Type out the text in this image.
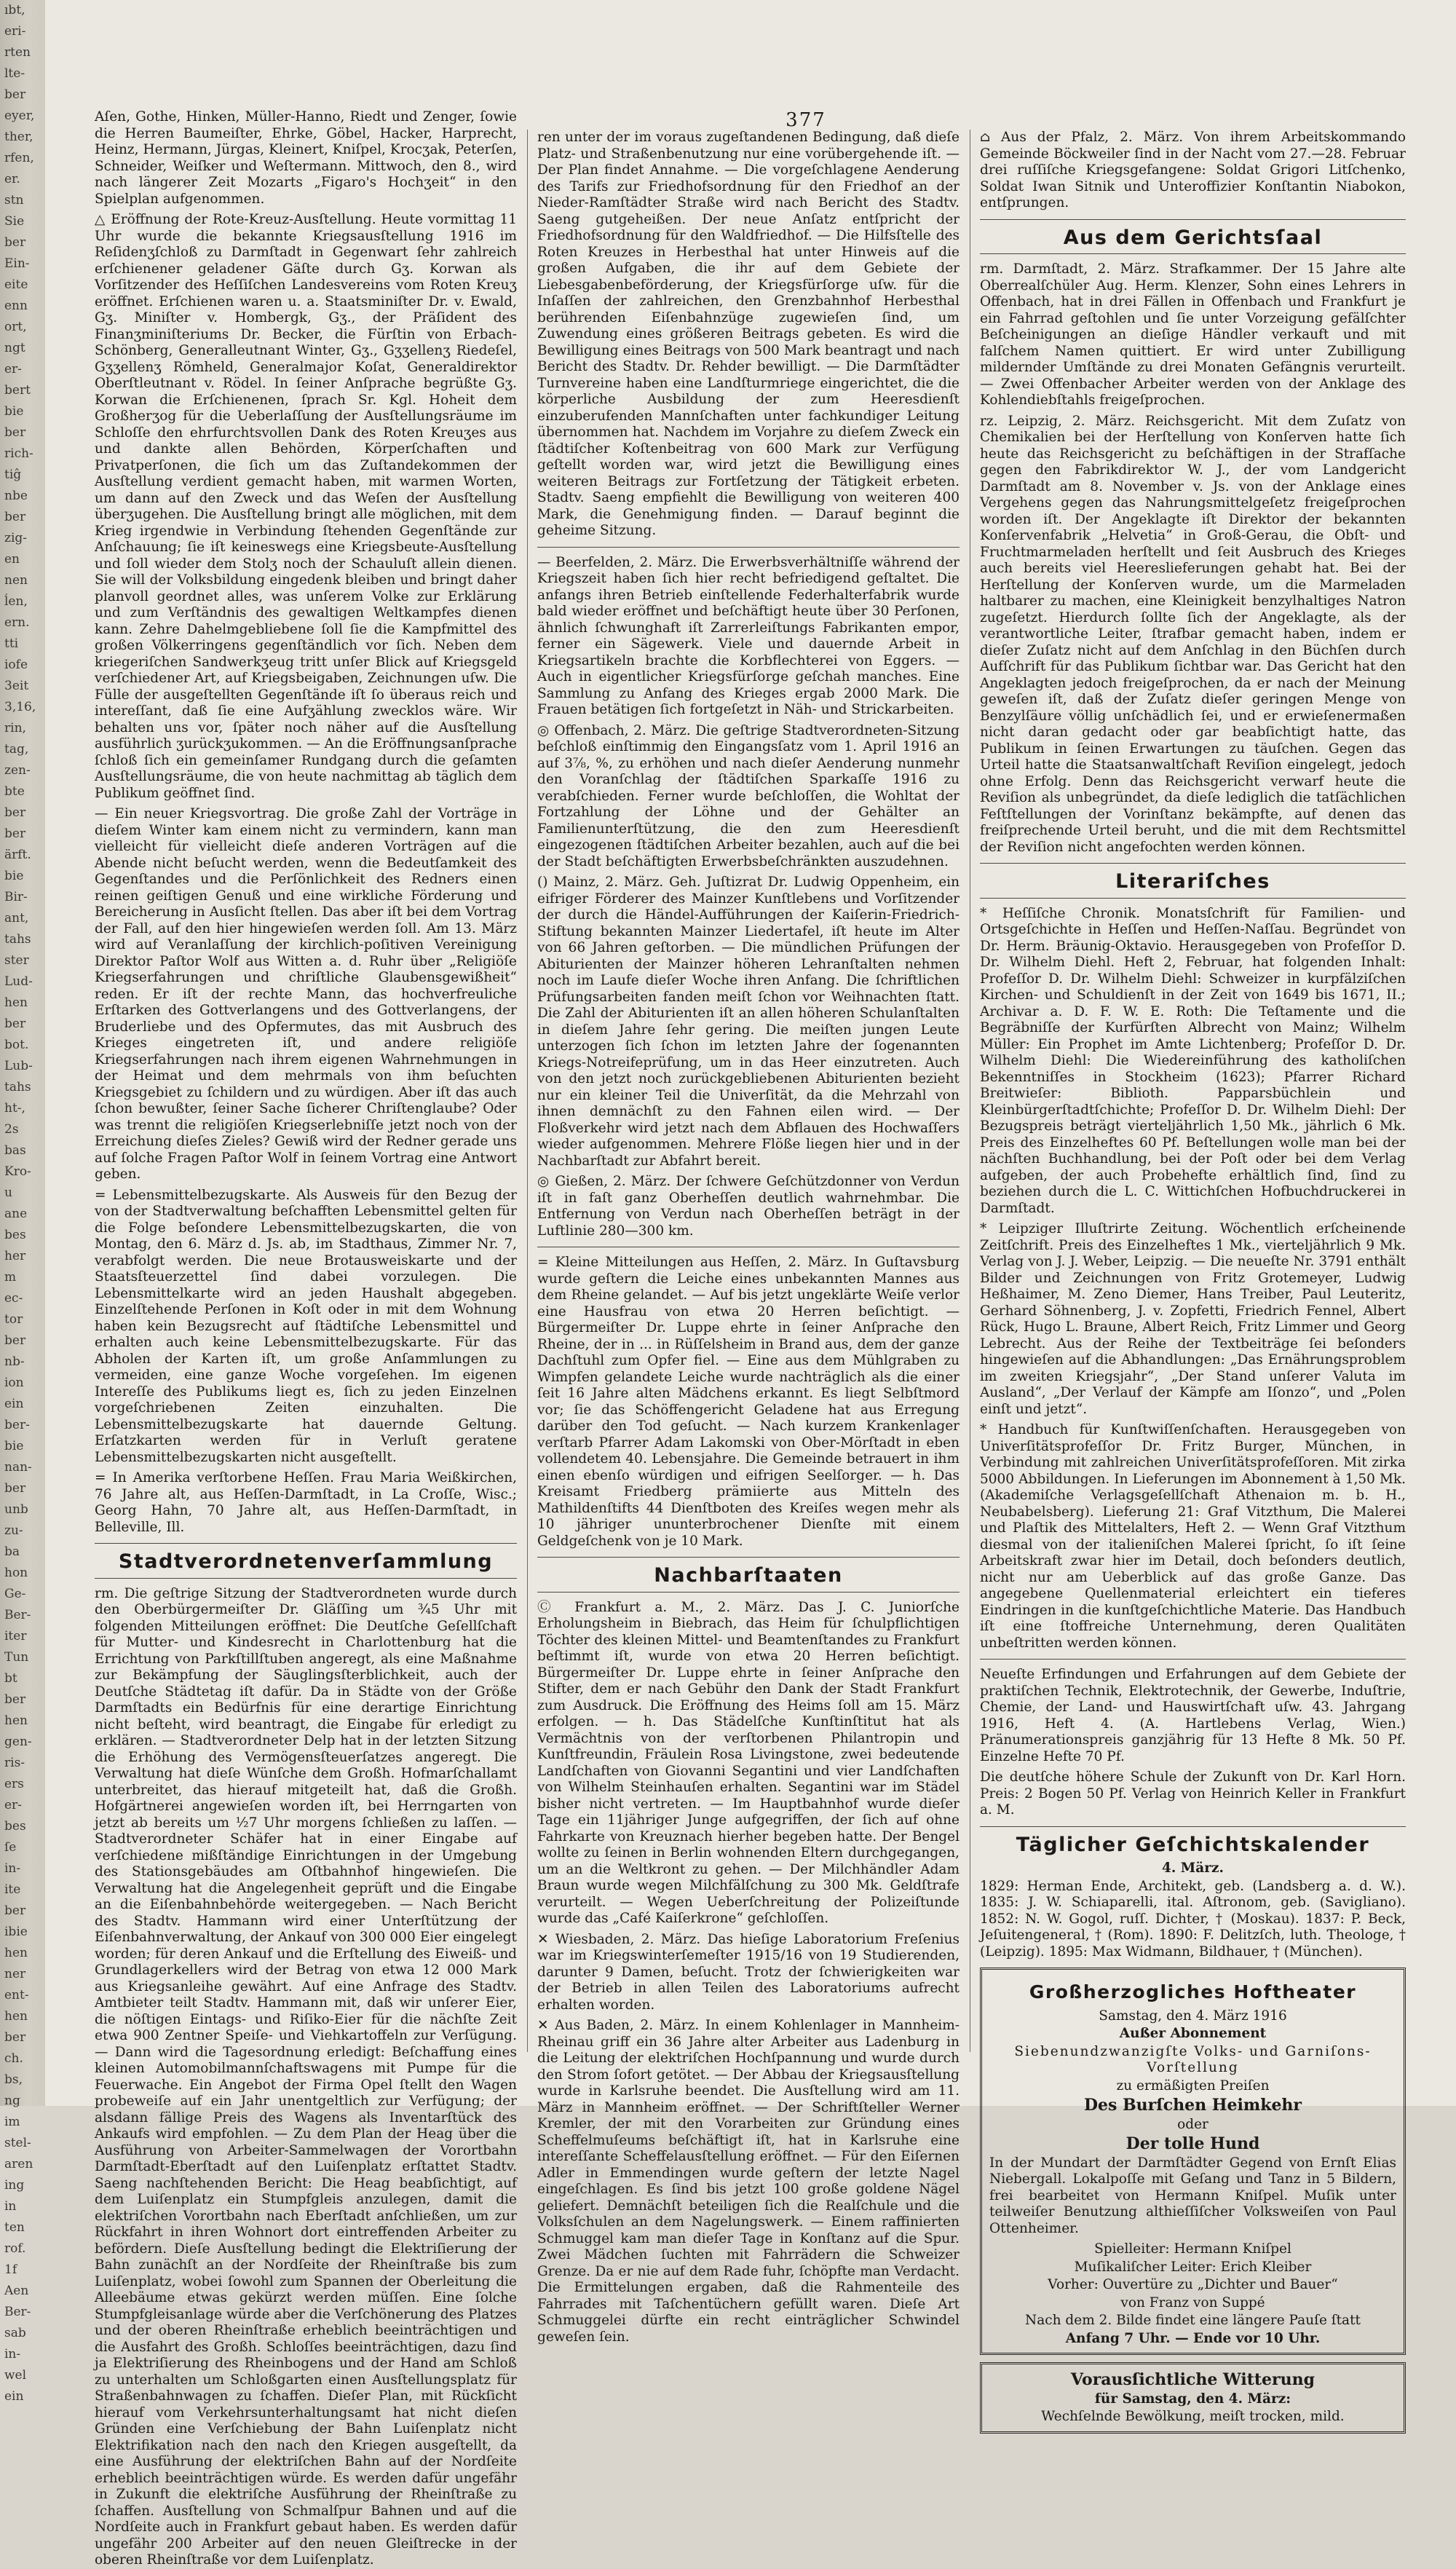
ıbt,
eri-
rten
lte-
ber
eyer,
ther,
rfen,
er.
stn
Sie
ber
Ein-
eite
enn
ort,
ngt
er-
bert
bie
ber
rich-
tiĝ
nbe
ber
zig-
en
nen
ĺen,
ern.
tti
iofe
3eit
3,16,
rin,
tag,
zen-
bte
ber
ber
ärft.
bie
Bir-
ant,
tahs
ster
Lud-
hen
ber
bot.
Lub-
tahs
ht-,
2s
bas
Kro-
u
ane
bes
her
m
ec-
tor
ber
nb-
ion
ein
ber-
bie
nan-
ber
unb
zu-
ba
hon
Ge-
Ber-
iter
Tun
bt
ber
hen
gen-
ris-
ers
er-
bes
ſe
in-
ite
ber
ibie
hen
ner
ent-
hen
ber
ch.
bs,
ng
im
stel-
aren
ing
in
ten
rof.
1f
Aen
Ber-
sab
in-
wel
ein
377

Aſen, Gothe, Hinken, Müller-Hanno, Riedt und Zenger, ſowie die Herren Baumeiſter, Ehrke, Göbel, Hacker, Harprecht, Heinz, Hermann, Jürgas, Kleinert, Kniſpel, Krocʒak, Peterſen, Schneider, Weiſker und Weſtermann. Mittwoch, den 8., wird nach längerer Zeit Mozarts „Figaro's Hochʒeit“ in den Spielplan aufgenommen.

△ Eröffnung der Rote-Kreuz-Ausſtellung. Heute vormittag 11 Uhr wurde die bekannte Kriegsausſtellung 1916 im Reſidenʒſchloß zu Darmſtadt in Gegenwart ſehr zahlreich erſchienener geladener Gäſte durch Gʒ. Korwan als Vorſitzender des Heſſiſchen Landesvereins vom Roten Kreuʒ eröffnet. Erſchienen waren u. a. Staatsminiſter Dr. v. Ewald, Gʒ. Miniſter v. Hombergk, Gʒ., der Präſident des Finanʒminiſteriums Dr. Becker, die Fürſtin von Erbach-Schönberg, Generalleutnant Winter, Gʒ., Gʒʒellenʒ Riedeſel, Gʒʒellenʒ Römheld, Generalmajor Koſat, Generaldirektor Oberſtleutnant v. Rödel. In ſeiner Anſprache begrüßte Gʒ. Korwan die Erſchienenen, ſprach Sr. Kgl. Hoheit dem Großherʒog für die Ueberlaſſung der Ausſtellungsräume im Schloſſe den ehrfurchtsvollen Dank des Roten Kreuʒes aus und dankte allen Behörden, Körperſchaften und Privatperſonen, die ſich um das Zuſtandekommen der Ausſtellung verdient gemacht haben, mit warmen Worten, um dann auf den Zweck und das Weſen der Ausſtellung überʒugehen. Die Ausſtellung bringt alle möglichen, mit dem Krieg irgendwie in Verbindung ſtehenden Gegenſtände zur Anſchauung; ſie iſt keineswegs eine Kriegsbeute-Ausſtellung und ſoll wieder dem Stolʒ noch der Schauluſt allein dienen. Sie will der Volksbildung eingedenk bleiben und bringt daher planvoll geordnet alles, was unſerem Volke zur Erklärung und zum Verſtändnis des gewaltigen Weltkampfes dienen kann. Zehre Dahelmgebliebene ſoll ſie die Kampfmittel des großen Völkerringens gegenſtändlich vor ſich. Neben dem kriegeriſchen Sandwerkʒeug tritt unſer Blick auf Kriegsgeld verſchiedener Art, auf Kriegsbeigaben, Zeichnungen uſw. Die Fülle der ausgeſtellten Gegenſtände iſt ſo überaus reich und intereſſant, daß ſie eine Aufʒählung zwecklos wäre. Wir behalten uns vor, ſpäter noch näher auf die Ausſtellung ausführlich ʒurückʒukommen. — An die Eröffnungsanſprache ſchloß ſich ein gemeinſamer Rundgang durch die geſamten Ausſtellungsräume, die von heute nachmittag ab täglich dem Publikum geöffnet ſind.

— Ein neuer Kriegsvortrag. Die große Zahl der Vorträge in dieſem Winter kam einem nicht zu vermindern, kann man vielleicht für vielleicht dieſe anderen Vorträgen auf die Abende nicht beſucht werden, wenn die Bedeutſamkeit des Gegenſtandes und die Perſönlichkeit des Redners einen reinen geiſtigen Genuß und eine wirkliche Förderung und Bereicherung in Ausſicht ſtellen. Das aber iſt bei dem Vortrag der Fall, auf den hier hingewieſen werden ſoll. Am 13. März wird auf Veranlaſſung der kirchlich-poſitiven Vereinigung Direktor Paſtor Wolf aus Witten a. d. Ruhr über „Religiöſe Kriegserfahrungen und chriſtliche Glaubensgewißheit“ reden. Er iſt der rechte Mann, das hochverfreuliche Erſtarken des Gottverlangens und des Gottverlangens, der Bruderliebe und des Opfermutes, das mit Ausbruch des Krieges eingetreten iſt, und andere religiöſe Kriegserfahrungen nach ihrem eigenen Wahrnehmungen in der Heimat und dem mehrmals von ihm beſuchten Kriegsgebiet zu ſchildern und zu würdigen. Aber iſt das auch ſchon bewußter, ſeiner Sache ſicherer Chriſtenglaube? Oder was trennt die religiöſen Kriegserlebniſſe jetzt noch von der Erreichung dieſes Zieles? Gewiß wird der Redner gerade uns auf ſolche Fragen Paſtor Wolf in ſeinem Vortrag eine Antwort geben.

= Lebensmittelbezugskarte. Als Ausweis für den Bezug der von der Stadtverwaltung beſchafften Lebensmittel gelten für die Folge beſondere Lebensmittelbezugskarten, die von Montag, den 6. März d. Js. ab, im Stadthaus, Zimmer Nr. 7, verabfolgt werden. Die neue Brotausweiskarte und der Staatsſteuerzettel ſind dabei vorzulegen. Die Lebensmittelkarte wird an jeden Haushalt abgegeben. Einzelſtehende Perſonen in Koſt oder in mit dem Wohnung haben kein Bezugsrecht auf ſtädtiſche Lebensmittel und erhalten auch keine Lebensmittelbezugskarte. Für das Abholen der Karten iſt, um große Anſammlungen zu vermeiden, eine ganze Woche vorgeſehen. Im eigenen Intereſſe des Publikums liegt es, ſich zu jeden Einzelnen vorgeſchriebenen Zeiten einzuhalten. Die Lebensmittelbezugskarte hat dauernde Geltung. Erſatzkarten werden für in Verluſt geratene Lebensmittelbezugskarten nicht ausgeſtellt.

= In Amerika verſtorbene Heſſen. Frau Maria Weißkirchen, 76 Jahre alt, aus Heſſen-Darmſtadt, in La Croſſe, Wisc.; Georg Hahn, 70 Jahre alt, aus Heſſen-Darmſtadt, in Belleville, Ill.

Stadtverordnetenverſammlung

rm. Die geſtrige Sitzung der Stadtverordneten wurde durch den Oberbürgermeiſter Dr. Gläſſing um ¾5 Uhr mit folgenden Mitteilungen eröffnet: Die Deutſche Geſellſchaft für Mutter- und Kindesrecht in Charlottenburg hat die Errichtung von Parkſtillſtuben angeregt, als eine Maßnahme zur Bekämpfung der Säuglingsſterblichkeit, auch der Deutſche Städtetag iſt dafür. Da in Städte von der Größe Darmſtadts ein Bedürfnis für eine derartige Einrichtung nicht beſteht, wird beantragt, die Eingabe für erledigt zu erklären. — Stadtverordneter Delp hat in der letzten Sitzung die Erhöhung des Vermögensſteuerſatzes angeregt. Die Verwaltung hat dieſe Wünſche dem Großh. Hofmarſchallamt unterbreitet, das hierauf mitgeteilt hat, daß die Großh. Hofgärtnerei angewieſen worden iſt, bei Herrngarten von jetzt ab bereits um ½7 Uhr morgens ſchließen zu laſſen. — Stadtverordneter Schäfer hat in einer Eingabe auf verſchiedene mißſtändige Einrichtungen in der Umgebung des Stationsgebäudes am Oſtbahnhof hingewieſen. Die Verwaltung hat die Angelegenheit geprüft und die Eingabe an die Eiſenbahnbehörde weitergegeben. — Nach Bericht des Stadtv. Hammann wird einer Unterſtützung der Eiſenbahnverwaltung, der Ankauf von 300 000 Eier eingelegt worden; für deren Ankauf und die Erſtellung des Eiweiß- und Grundlagerkellers wird der Betrag von etwa 12 000 Mark aus Kriegsanleihe gewährt. Auf eine Anfrage des Stadtv. Amtbieter teilt Stadtv. Hammann mit, daß wir unſerer Eier, die nöſtigen Eintags- und Riſiko-Eier für die nächſte Zeit etwa 900 Zentner Speiſe- und Viehkartoffeln zur Verſügung. — Dann wird die Tagesordnung erledigt: Beſchaffung eines kleinen Automobilmannſchaftswagens mit Pumpe für die Feuerwache. Ein Angebot der Firma Opel ſtellt den Wagen probeweiſe auf ein Jahr unentgeltlich zur Verfügung; der alsdann fällige Preis des Wagens als Inventarſtück des Ankaufs wird empfohlen. — Zu dem Plan der Heag über die Ausführung von Arbeiter-Sammelwagen der Vorortbahn Darmſtadt-Eberſtadt auf den Luiſenplatz erſtattet Stadtv. Saeng nachſtehenden Bericht: Die Heag beabſichtigt, auf dem Luiſenplatz ein Stumpfgleis anzulegen, damit die elektriſchen Vorortbahn nach Eberſtadt anſchließen, um zur Rückfahrt in ihren Wohnort dort eintreffenden Arbeiter zu befördern. Dieſe Ausſtellung bedingt die Elektriſierung der Bahn zunächſt an der Nordſeite der Rheinſtraße bis zum Luiſenplatz, wobei ſowohl zum Spannen der Oberleitung die Alleebäume etwas gekürzt werden müſſen. Eine ſolche Stumpfgleisanlage würde aber die Verſchönerung des Platzes und der oberen Rheinſtraße erheblich beeinträchtigen und die Ausfahrt des Großh. Schloſſes beeinträchtigen, dazu ſind ja Elektriſierung des Rheinbogens und der Hand am Schloß zu unterhalten um Schloßgarten einen Ausſtellungsplatz für Straßenbahnwagen zu ſchaffen. Dieſer Plan, mit Rückſicht hierauf vom Verkehrsunterhaltungsamt hat nicht dieſen Gründen eine Verſchiebung der Bahn Luiſenplatz nicht Elektrifikation nach den nach den Kriegen ausgeſtellt, da eine Ausführung der elektriſchen Bahn auf der Nordſeite erheblich beeinträchtigen würde. Es werden dafür ungefähr in Zukunft die elektriſche Ausführung der Rheinſtraße zu ſchaffen. Ausſtellung von Schmalſpur Bahnen und auf die Nordſeite auch in Frankfurt gebaut haben. Es werden dafür ungefähr 200 Arbeiter auf den neuen Gleiſtrecke in der oberen Rheinſtraße vor dem Luiſenplatz.

ren unter der im voraus zugeſtandenen Bedingung, daß dieſe Platz- und Straßenbenutzung nur eine vorübergehende iſt. — Der Plan findet Annahme. — Die vorgeſchlagene Aenderung des Tarifs zur Friedhofsordnung für den Friedhof an der Nieder-Ramſtädter Straße wird nach Bericht des Stadtv. Saeng gutgeheißen. Der neue Anſatz entſpricht der Friedhofsordnung für den Waldfriedhof. — Die Hilfsſtelle des Roten Kreuzes in Herbesthal hat unter Hinweis auf die großen Aufgaben, die ihr auf dem Gebiete der Liebesgabenbeförderung, der Kriegsfürſorge uſw. für die Inſaſſen der zahlreichen, den Grenzbahnhof Herbesthal berührenden Eiſenbahnzüge zugewieſen ſind, um Zuwendung eines größeren Beitrags gebeten. Es wird die Bewilligung eines Beitrags von 500 Mark beantragt und nach Bericht des Stadtv. Dr. Rehder bewilligt. — Die Darmſtädter Turnvereine haben eine Landſturmriege eingerichtet, die die körperliche Ausbildung der zum Heeresdienſt einzuberufenden Mannſchaften unter fachkundiger Leitung übernommen hat. Nachdem im Vorjahre zu dieſem Zweck ein ſtädtiſcher Koſtenbeitrag von 600 Mark zur Verfügung geſtellt worden war, wird jetzt die Bewilligung eines weiteren Beitrags zur Fortſetzung der Tätigkeit erbeten. Stadtv. Saeng empfiehlt die Bewilligung von weiteren 400 Mark, die Genehmigung finden. — Darauf beginnt die geheime Sitzung.

— Beerfelden, 2. März. Die Erwerbsverhältniſſe während der Kriegszeit haben ſich hier recht befriedigend geſtaltet. Die anfangs ihren Betrieb einſtellende Federhalterfabrik wurde bald wieder eröffnet und beſchäftigt heute über 30 Perſonen, ähnlich ſchwunghaft iſt Zarrerleiſtungs Fabrikanten empor, ferner ein Sägewerk. Viele und dauernde Arbeit in Kriegsartikeln brachte die Korbflechterei von Eggers. — Auch in eigentlicher Kriegsfürſorge geſchah manches. Eine Sammlung zu Anfang des Krieges ergab 2000 Mark. Die Frauen betätigen ſich fortgeſetzt in Näh- und Strickarbeiten.

◎ Offenbach, 2. März. Die geſtrige Stadtverordneten-Sitzung beſchloß einſtimmig den Eingangsſatz vom 1. April 1916 an auf 3⅞, %, zu erhöhen und nach dieſer Aenderung nunmehr den Voranſchlag der ſtädtiſchen Sparkaſſe 1916 zu verabſchieden. Ferner wurde beſchloſſen, die Wohltat der Fortzahlung der Löhne und der Gehälter an Familienunterſtützung, die den zum Heeresdienſt eingezogenen ſtädtiſchen Arbeiter bezahlen, auch auf die bei der Stadt beſchäftigten Erwerbsbeſchränkten auszudehnen.

() Mainz, 2. März. Geh. Juſtizrat Dr. Ludwig Oppenheim, ein eifriger Förderer des Mainzer Kunſtlebens und Vorſitzender der durch die Händel-Aufführungen der Kaiſerin-Friedrich-Stiftung bekannten Mainzer Liedertafel, iſt heute im Alter von 66 Jahren geſtorben. — Die mündlichen Prüfungen der Abiturienten der Mainzer höheren Lehranſtalten nehmen noch im Laufe dieſer Woche ihren Anfang. Die ſchriftlichen Prüfungsarbeiten fanden meiſt ſchon vor Weihnachten ſtatt. Die Zahl der Abiturienten iſt an allen höheren Schulanſtalten in dieſem Jahre ſehr gering. Die meiſten jungen Leute unterzogen ſich ſchon im letzten Jahre der ſogenannten Kriegs-Notreifeprüfung, um in das Heer einzutreten. Auch von den jetzt noch zurückgebliebenen Abiturienten bezieht nur ein kleiner Teil die Univerſität, da die Mehrzahl von ihnen demnächſt zu den Fahnen eilen wird. — Der Floßverkehr wird jetzt nach dem Abflauen des Hochwaſſers wieder aufgenommen. Mehrere Flöße liegen hier und in der Nachbarſtadt zur Abfahrt bereit.

◎ Gießen, 2. März. Der ſchwere Geſchützdonner von Verdun iſt in faſt ganz Oberheſſen deutlich wahrnehmbar. Die Entfernung von Verdun nach Oberheſſen beträgt in der Luftlinie 280—300 km.

= Kleine Mitteilungen aus Heſſen, 2. März. In Guſtavsburg wurde geſtern die Leiche eines unbekannten Mannes aus dem Rheine gelandet. — Auf bis jetzt ungeklärte Weiſe verlor eine Hausfrau von etwa 20 Herren beſichtigt. — Bürgermeiſter Dr. Luppe ehrte in ſeiner Anſprache den Rheine, der in ... in Rüſſelsheim in Brand aus, dem der ganze Dachſtuhl zum Opfer fiel. — Eine aus dem Mühlgraben zu Wimpfen gelandete Leiche wurde nachträglich als die einer ſeit 16 Jahre alten Mädchens erkannt. Es liegt Selbſtmord vor; ſie das Schöffengericht Geladene hat aus Erregung darüber den Tod geſucht. — Nach kurzem Krankenlager verſtarb Pfarrer Adam Lakomski von Ober-Mörſtadt in eben vollendetem 40. Lebensjahre. Die Gemeinde betrauert in ihm einen ebenſo würdigen und eifrigen Seelſorger. — h. Das Kreisamt Friedberg prämiierte aus Mitteln des Mathildenſtifts 44 Dienſtboten des Kreiſes wegen mehr als 10 jähriger ununterbrochener Dienſte mit einem Geldgeſchenk von je 10 Mark.

Nachbarſtaaten

Ⓒ Frankfurt a. M., 2. März. Das J. C. Juniorſche Erholungsheim in Biebrach, das Heim für ſchulpflichtigen Töchter des kleinen Mittel- und Beamtenſtandes zu Frankfurt beſtimmt iſt, wurde von etwa 20 Herren beſichtigt. Bürgermeiſter Dr. Luppe ehrte in ſeiner Anſprache den Stifter, dem er nach Gebühr den Dank der Stadt Frankfurt zum Ausdruck. Die Eröffnung des Heims ſoll am 15. März erfolgen. — h. Das Städelſche Kunſtinſtitut hat als Vermächtnis von der verſtorbenen Philantropin und Kunſtfreundin, Fräulein Rosa Livingstone, zwei bedeutende Landſchaften von Giovanni Segantini und vier Landſchaften von Wilhelm Steinhauſen erhalten. Segantini war im Städel bisher nicht vertreten. — Im Hauptbahnhof wurde dieſer Tage ein 11jähriger Junge aufgegriffen, der ſich auf ohne Fahrkarte von Kreuznach hierher begeben hatte. Der Bengel wollte zu ſeinen in Berlin wohnenden Eltern durchgegangen, um an die Weltkront zu gehen. — Der Milchhändler Adam Braun wurde wegen Milchfälſchung zu 300 Mk. Geldſtrafe verurteilt. — Wegen Ueberſchreitung der Polizeiſtunde wurde das „Café Kaiſerkrone“ geſchloſſen.

✕ Wiesbaden, 2. März. Das hieſige Laboratorium Freſenius war im Kriegswinterſemeſter 1915/16 von 19 Studierenden, darunter 9 Damen, beſucht. Trotz der ſchwierigkeiten war der Betrieb in allen Teilen des Laboratoriums aufrecht erhalten worden.

✕ Aus Baden, 2. März. In einem Kohlenlager in Mannheim-Rheinau griff ein 36 Jahre alter Arbeiter aus Ladenburg in die Leitung der elektriſchen Hochſpannung und wurde durch den Strom ſofort getötet. — Der Abbau der Kriegsausſtellung wurde in Karlsruhe beendet. Die Ausſtellung wird am 11. März in Mannheim eröffnet. — Der Schriftſteller Werner Kremler, der mit den Vorarbeiten zur Gründung eines Scheffelmuſeums beſchäftigt iſt, hat in Karlsruhe eine intereſſante Scheffelausſtellung eröffnet. — Für den Eiſernen Adler in Emmendingen wurde geſtern der letzte Nagel eingeſchlagen. Es ſind bis jetzt 100 große goldene Nägel geliefert. Demnächſt beteiligen ſich die Realſchule und die Volksſchulen an dem Nagelungswerk. — Einem raffinierten Schmuggel kam man dieſer Tage in Konſtanz auf die Spur. Zwei Mädchen ſuchten mit Fahrrädern die Schweizer Grenze. Da er nie auf dem Rade fuhr, ſchöpfte man Verdacht. Die Ermittelungen ergaben, daß die Rahmenteile des Fahrrades mit Taſchentüchern gefüllt waren. Dieſe Art Schmuggelei dürfte ein recht einträglicher Schwindel geweſen ſein.

⌂ Aus der Pfalz, 2. März. Von ihrem Arbeitskommando Gemeinde Böckweiler ſind in der Nacht vom 27.—28. Februar drei ruſſiſche Kriegsgefangene: Soldat Grigori Litſchenko, Soldat Iwan Sitnik und Unteroffizier Konſtantin Niabokon, entſprungen.

Aus dem Gerichtsſaal

rm. Darmſtadt, 2. März. Strafkammer. Der 15 Jahre alte Oberrealſchüler Aug. Herm. Klenzer, Sohn eines Lehrers in Offenbach, hat in drei Fällen in Offenbach und Frankfurt je ein Fahrrad geſtohlen und ſie unter Vorzeigung gefälſchter Beſcheinigungen an dieſige Händler verkauft und mit falſchem Namen quittiert. Er wird unter Zubilligung mildernder Umſtände zu drei Monaten Gefängnis verurteilt. — Zwei Offenbacher Arbeiter werden von der Anklage des Kohlendiebſtahls freigeſprochen.

rz. Leipzig, 2. März. Reichsgericht. Mit dem Zuſatz von Chemikalien bei der Herſtellung von Konſerven hatte ſich heute das Reichsgericht zu beſchäftigen in der Strafſache gegen den Fabrikdirektor W. J., der vom Landgericht Darmſtadt am 8. November v. Js. von der Anklage eines Vergehens gegen das Nahrungsmittelgeſetz freigeſprochen worden iſt. Der Angeklagte iſt Direktor der bekannten Konſervenfabrik „Helvetia“ in Groß-Gerau, die Obſt- und Fruchtmarmeladen herſtellt und ſeit Ausbruch des Krieges auch bereits viel Heereslieferungen gehabt hat. Bei der Herſtellung der Konſerven wurde, um die Marmeladen haltbarer zu machen, eine Kleinigkeit benzylhaltiges Natron zugeſetzt. Hierdurch ſollte ſich der Angeklagte, als der verantwortliche Leiter, ſtrafbar gemacht haben, indem er dieſer Zuſatz nicht auf dem Anſchlag in den Büchſen durch Aufſchrift für das Publikum ſichtbar war. Das Gericht hat den Angeklagten jedoch freigeſprochen, da er nach der Meinung geweſen iſt, daß der Zuſatz dieſer geringen Menge von Benzylſäure völlig unſchädlich ſei, und er erwieſenermaßen nicht daran gedacht oder gar beabſichtigt hatte, das Publikum in ſeinen Erwartungen zu täuſchen. Gegen das Urteil hatte die Staatsanwaltſchaft Reviſion eingelegt, jedoch ohne Erfolg. Denn das Reichsgericht verwarf heute die Reviſion als unbegründet, da dieſe lediglich die tatſächlichen Feſtſtellungen der Vorinſtanz bekämpfte, auf denen das freiſprechende Urteil beruht, und die mit dem Rechtsmittel der Reviſion nicht angefochten werden können.

Literariſches

* Heſſiſche Chronik. Monatsſchrift für Familien- und Ortsgeſchichte in Heſſen und Heſſen-Naſſau. Begründet von Dr. Herm. Bräunig-Oktavio. Herausgegeben von Profeſſor D. Dr. Wilhelm Diehl. Heft 2, Februar, hat folgenden Inhalt: Profeſſor D. Dr. Wilhelm Diehl: Schweizer in kurpfälziſchen Kirchen- und Schuldienſt in der Zeit von 1649 bis 1671, II.; Archivar a. D. F. W. E. Roth: Die Teſtamente und die Begräbniſſe der Kurfürſten Albrecht von Mainz; Wilhelm Müller: Ein Prophet im Amte Lichtenberg; Profeſſor D. Dr. Wilhelm Diehl: Die Wiedereinführung des katholiſchen Bekenntniſſes in Stockheim (1623); Pfarrer Richard Breitwieſer: Biblioth. Papparsbüchlein und Kleinbürgerſtadtſchichte; Profeſſor D. Dr. Wilhelm Diehl: Der Bezugspreis beträgt vierteljährlich 1,50 Mk., jährlich 6 Mk. Preis des Einzelheftes 60 Pf. Beſtellungen wolle man bei der nächſten Buchhandlung, bei der Poſt oder bei dem Verlag aufgeben, der auch Probehefte erhältlich ſind, ſind zu beziehen durch die L. C. Wittichſchen Hofbuchdruckerei in Darmſtadt.

* Leipziger Illuſtrirte Zeitung. Wöchentlich erſcheinende Zeitſchrift. Preis des Einzelheftes 1 Mk., vierteljährlich 9 Mk. Verlag von J. J. Weber, Leipzig. — Die neueſte Nr. 3791 enthält Bilder und Zeichnungen von Fritz Grotemeyer, Ludwig Heßhaimer, M. Zeno Diemer, Hans Treiber, Paul Leuteritz, Gerhard Söhnenberg, J. v. Zopfetti, Friedrich Fennel, Albert Rück, Hugo L. Braune, Albert Reich, Fritz Limmer und Georg Lebrecht. Aus der Reihe der Textbeiträge ſei beſonders hingewieſen auf die Abhandlungen: „Das Ernährungsproblem im zweiten Kriegsjahr“, „Der Stand unſerer Valuta im Ausland“, „Der Verlauf der Kämpfe am Iſonzo“, und „Polen einſt und jetzt“.

* Handbuch für Kunſtwiſſenſchaften. Herausgegeben von Univerſitätsprofeſſor Dr. Fritz Burger, München, in Verbindung mit zahlreichen Univerſitätsprofeſſoren. Mit zirka 5000 Abbildungen. In Lieferungen im Abonnement à 1,50 Mk. (Akademiſche Verlagsgeſellſchaft Athenaion m. b. H., Neubabelsberg). Lieferung 21: Graf Vitzthum, Die Malerei und Plaſtik des Mittelalters, Heft 2. — Wenn Graf Vitzthum diesmal von der italieniſchen Malerei ſpricht, ſo iſt ſeine Arbeitskraft zwar hier im Detail, doch beſonders deutlich, nicht nur am Ueberblick auf das große Ganze. Das angegebene Quellenmaterial erleichtert ein tieferes Eindringen in die kunſtgeſchichtliche Materie. Das Handbuch iſt eine ſtoffreiche Unternehmung, deren Qualitäten unbeſtritten werden können.

Neueſte Erfindungen und Erfahrungen auf dem Gebiete der praktiſchen Technik, Elektrotechnik, der Gewerbe, Induſtrie, Chemie, der Land- und Hauswirtſchaft uſw. 43. Jahrgang 1916, Heft 4. (A. Hartlebens Verlag, Wien.) Pränumerationspreis ganzjährig für 13 Hefte 8 Mk. 50 Pf. Einzelne Hefte 70 Pf.

Die deutſche höhere Schule der Zukunft von Dr. Karl Horn. Preis: 2 Bogen 50 Pf. Verlag von Heinrich Keller in Frankfurt a. M.

Täglicher Geſchichtskalender
4. März.

1829: Herman Ende, Architekt, geb. (Landsberg a. d. W.). 1835: J. W. Schiaparelli, ital. Aſtronom, geb. (Savigliano). 1852: N. W. Gogol, ruſſ. Dichter, † (Moskau). 1837: P. Beck, Jeſuitengeneral, † (Rom). 1890: F. Delitzſch, luth. Theologe, † (Leipzig). 1895: Max Widmann, Bildhauer, † (München).

Großherzogliches Hoftheater
Samstag, den 4. März 1916
Außer Abonnement
Siebenundzwanzigſte Volks- und Garniſons-Vorſtellung
zu ermäßigten Preiſen
Des Burſchen Heimkehr
oder
Der tolle Hund

In der Mundart der Darmſtädter Gegend von Ernſt Elias Niebergall. Lokalpoſſe mit Geſang und Tanz in 5 Bildern, frei bearbeitet von Hermann Kniſpel. Muſik unter teilweiſer Benutzung althieſſiſcher Volksweiſen von Paul Ottenheimer.

Spielleiter: Hermann Kniſpel
Muſikaliſcher Leiter: Erich Kleiber
Vorher: Ouvertüre zu „Dichter und Bauer“
von Franz von Suppé
Nach dem 2. Bilde findet eine längere Pauſe ſtatt
Anfang 7 Uhr. — Ende vor 10 Uhr.
Vorausſichtliche Witterung
für Samstag, den 4. März:
Wechſelnde Bewölkung, meiſt trocken, mild.
